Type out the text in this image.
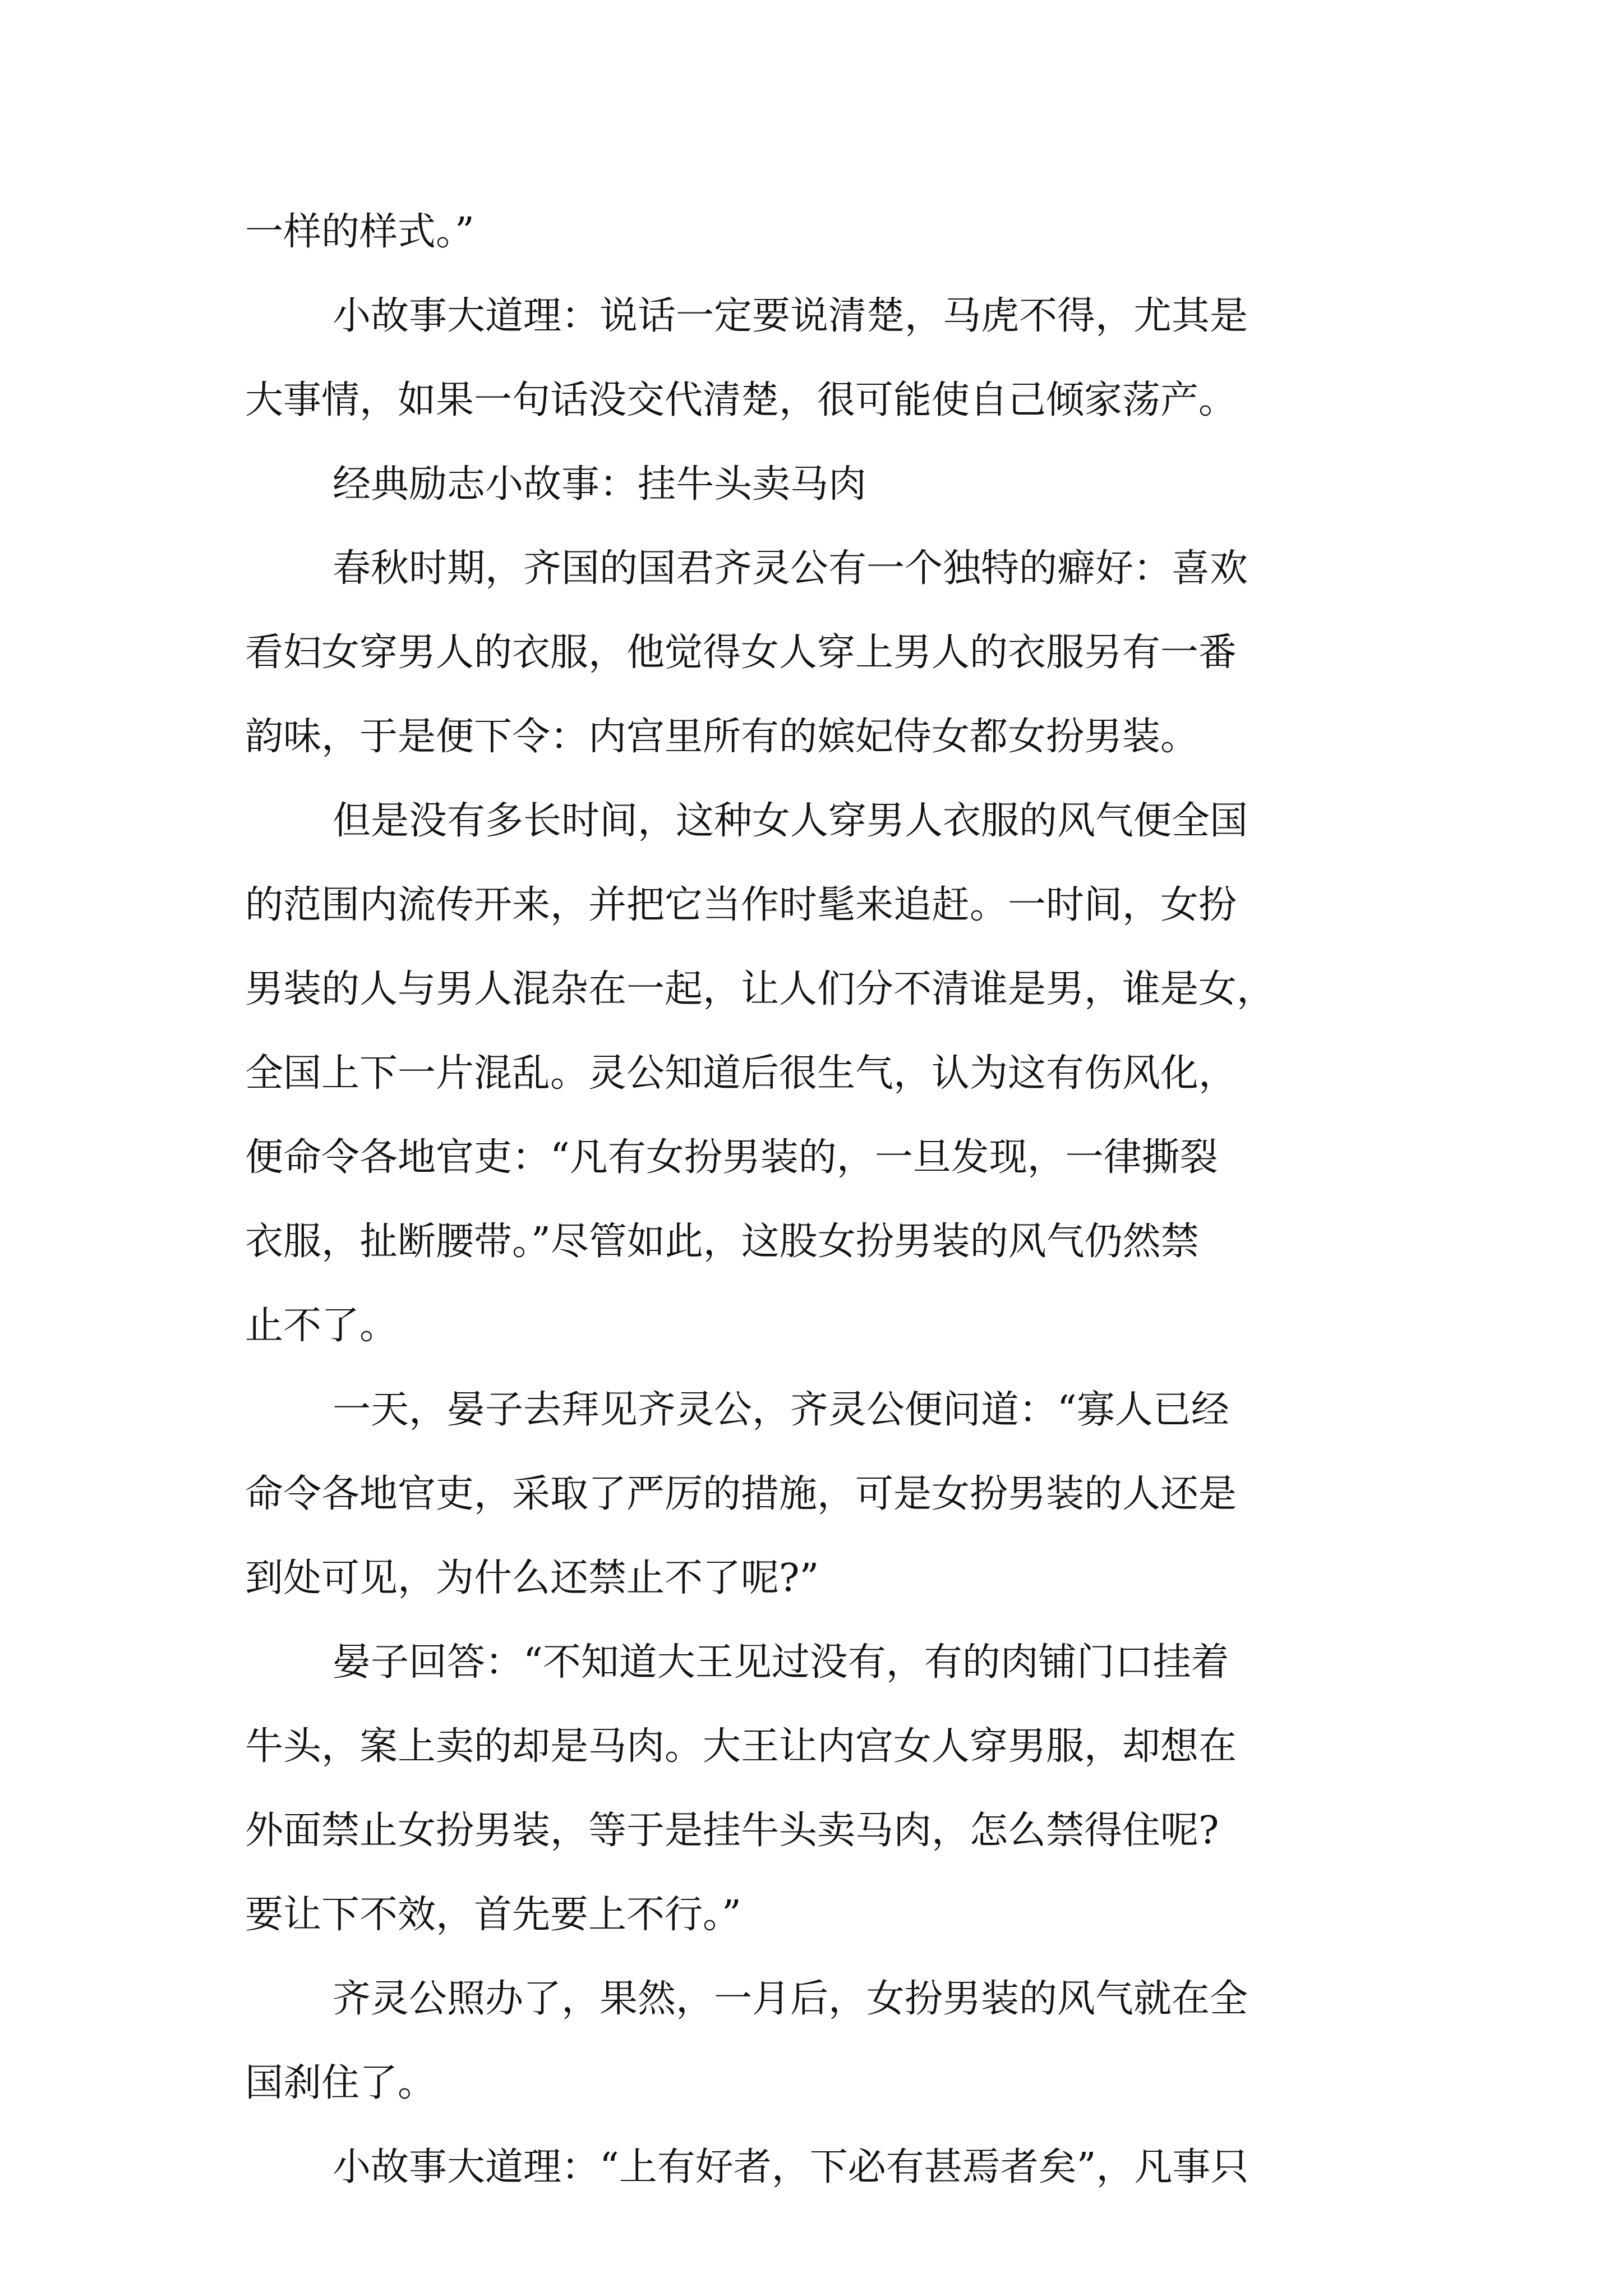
一样的样式。”
小故事大道理：说话一定要说清楚，马虎不得，尤其是
大事情，如果一句话没交代清楚，很可能使自己倾家荡产。
经典励志小故事：挂牛头卖马肉
春秋时期，齐国的国君齐灵公有一个独特的癖好：喜欢
看妇女穿男人的衣服，他觉得女人穿上男人的衣服另有一番
韵味，于是便下令：内宫里所有的嫔妃侍女都女扮男装。
但是没有多长时间，这种女人穿男人衣服的风气便全国
的范围内流传开来，并把它当作时髦来追赶。一时间，女扮
男装的人与男人混杂在一起，让人们分不清谁是男，谁是女，
全国上下一片混乱。灵公知道后很生气，认为这有伤风化，
便命令各地官吏：“凡有女扮男装的，一旦发现，一律撕裂
衣服，扯断腰带。”尽管如此，这股女扮男装的风气仍然禁
止不了。
一天，晏子去拜见齐灵公，齐灵公便问道：“寡人已经
命令各地官吏，采取了严厉的措施，可是女扮男装的人还是
到处可见，为什么还禁止不了呢?”
晏子回答：“不知道大王见过没有，有的肉铺门口挂着
牛头，案上卖的却是马肉。大王让内宫女人穿男服，却想在
外面禁止女扮男装，等于是挂牛头卖马肉，怎么禁得住呢?
要让下不效，首先要上不行。”
齐灵公照办了，果然，一月后，女扮男装的风气就在全
国刹住了。
小故事大道理：“上有好者，下必有甚焉者矣”，凡事只
